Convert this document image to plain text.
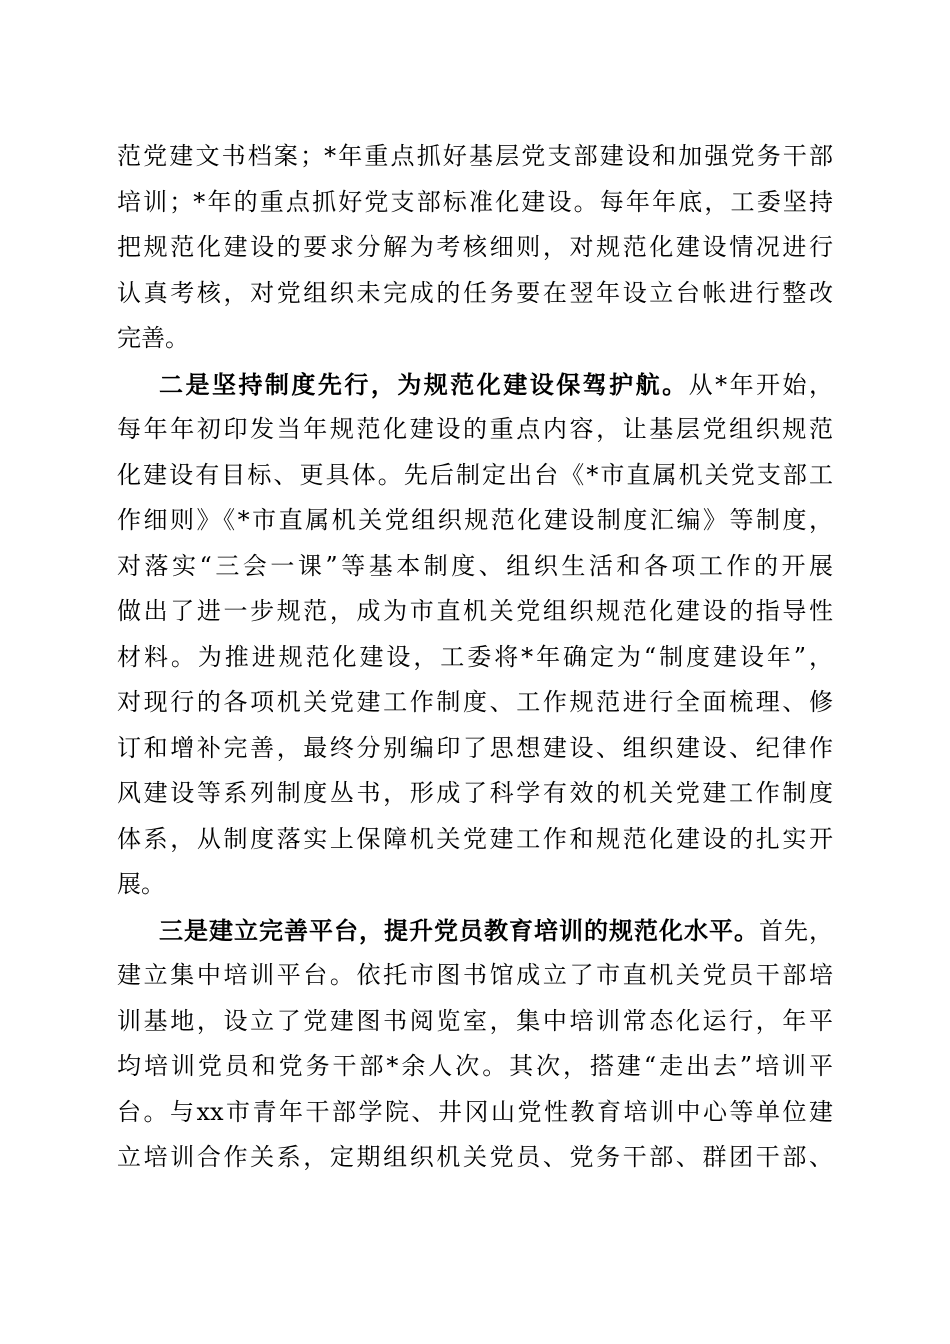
范党建文书档案；*年重点抓好基层党支部建设和加强党务干部
培训；*年的重点抓好党支部标准化建设。每年年底，工委坚持
把规范化建设的要求分解为考核细则，对规范化建设情况进行
认真考核，对党组织未完成的任务要在翌年设立台帐进行整改
完善。
二是坚持制度先行，为规范化建设保驾护航。从*年开始，
每年年初印发当年规范化建设的重点内容，让基层党组织规范
化建设有目标、更具体。先后制定出台《*市直属机关党支部工
作细则》《*市直属机关党组织规范化建设制度汇编》等制度，
对落实“三会一课”等基本制度、组织生活和各项工作的开展
做出了进一步规范，成为市直机关党组织规范化建设的指导性
材料。为推进规范化建设，工委将*年确定为“制度建设年”，
对现行的各项机关党建工作制度、工作规范进行全面梳理、修
订和增补完善，最终分别编印了思想建设、组织建设、纪律作
风建设等系列制度丛书，形成了科学有效的机关党建工作制度
体系，从制度落实上保障机关党建工作和规范化建设的扎实开
展。
三是建立完善平台，提升党员教育培训的规范化水平。首先，
建立集中培训平台。依托市图书馆成立了市直机关党员干部培
训基地，设立了党建图书阅览室，集中培训常态化运行，年平
均培训党员和党务干部*余人次。其次，搭建“走出去”培训平
台。与xx市青年干部学院、井冈山党性教育培训中心等单位建
立培训合作关系，定期组织机关党员、党务干部、群团干部、
